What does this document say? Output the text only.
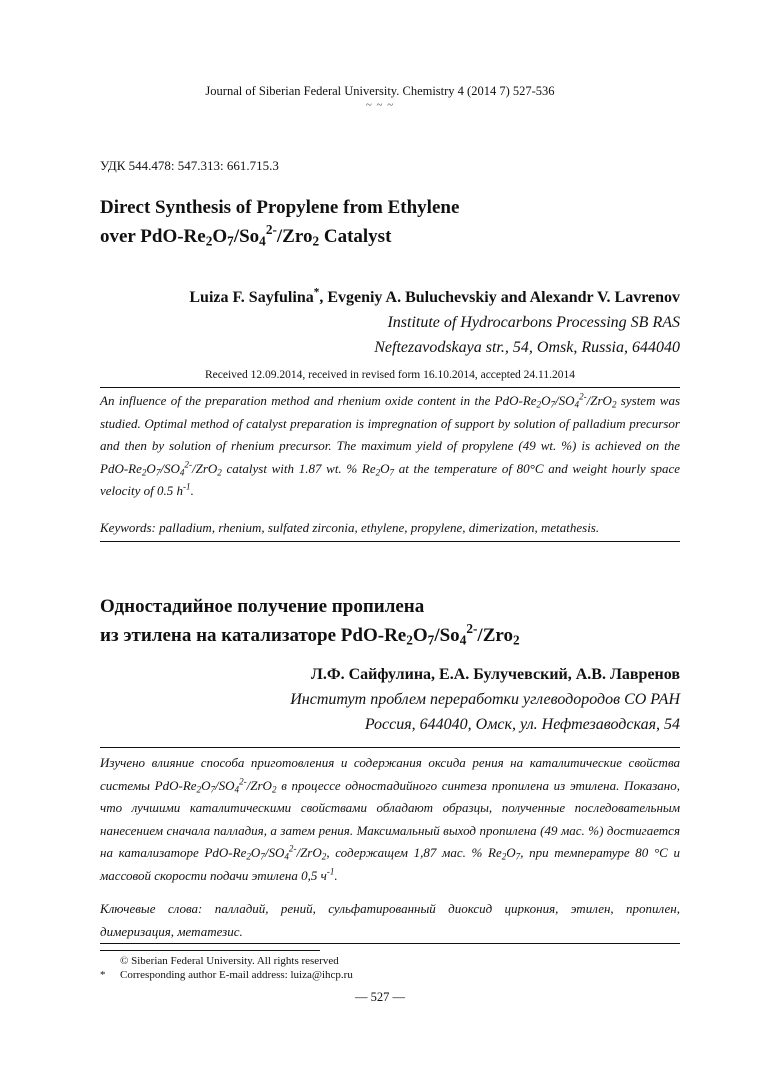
Journal of Siberian Federal University. Chemistry 4 (2014 7) 527-536
~ ~ ~
УДК 544.478: 547.313: 661.715.3
Direct Synthesis of Propylene from Ethylene
over PdO-$Re_2O_7/So_4^{2-}/Zro_2$ Catalyst
Luiza F. Sayfulina*, Evgeniy A. Buluchevskiy and Alexandr V. Lavrenov
Institute of Hydrocarbons Processing SB RAS
Neftezavodskaya str., 54, Omsk, Russia, 644040
Received 12.09.2014, received in revised form 16.10.2014, accepted 24.11.2014
An influence of the preparation method and rhenium oxide content in the PdO-$Re_2O_7/SO_4^{2-}/ZrO_2$ system was studied. Optimal method of catalyst preparation is impregnation of support by solution of palladium precursor and then by solution of rhenium precursor. The maximum yield of propylene (49 wt. %) is achieved on the PdO-$Re_2O_7/SO_4^{2-}/ZrO_2$ catalyst with 1.87 wt. % $Re_2O_7$ at the temperature of 80°C and weight hourly space velocity of 0.5 $h^{-1}$.
Keywords: palladium, rhenium, sulfated zirconia, ethylene, propylene, dimerization, metathesis.
Одностадийное получение пропилена
из этилена на катализаторе PdO-$Re_2O_7/So_4^{2-}/Zro_2$
Л.Ф. Сайфулина, Е.А. Булучевский, А.В. Лавренов
Институт проблем переработки углеводородов СО РАН
Россия, 644040, Омск, ул. Нефтезаводская, 54
Изучено влияние способа приготовления и содержания оксида рения на каталитические свойства системы PdO-$Re_2O_7/SO_4^{2-}/ZrO_2$ в процессе одностадийного синтеза пропилена из этилена. Показано, что лучшими каталитическими свойствами обладают образцы, полученные последовательным нанесением сначала палладия, а затем рения. Максимальный выход пропилена (49 мас. %) достигается на катализаторе PdO-$Re_2O_7/SO_4^{2-}/ZrO_2$, содержащем 1,87 мас. % $Re_2O_7$, при температуре 80 °С и массовой скорости подачи этилена 0,5 $ч^{-1}$.
Ключевые слова: палладий, рений, сульфатированный диоксид циркония, этилен, пропилен, димеризация, метатезис.
© Siberian Federal University. All rights reserved
* Corresponding author E-mail address: luiza@ihcp.ru
— 527 —
